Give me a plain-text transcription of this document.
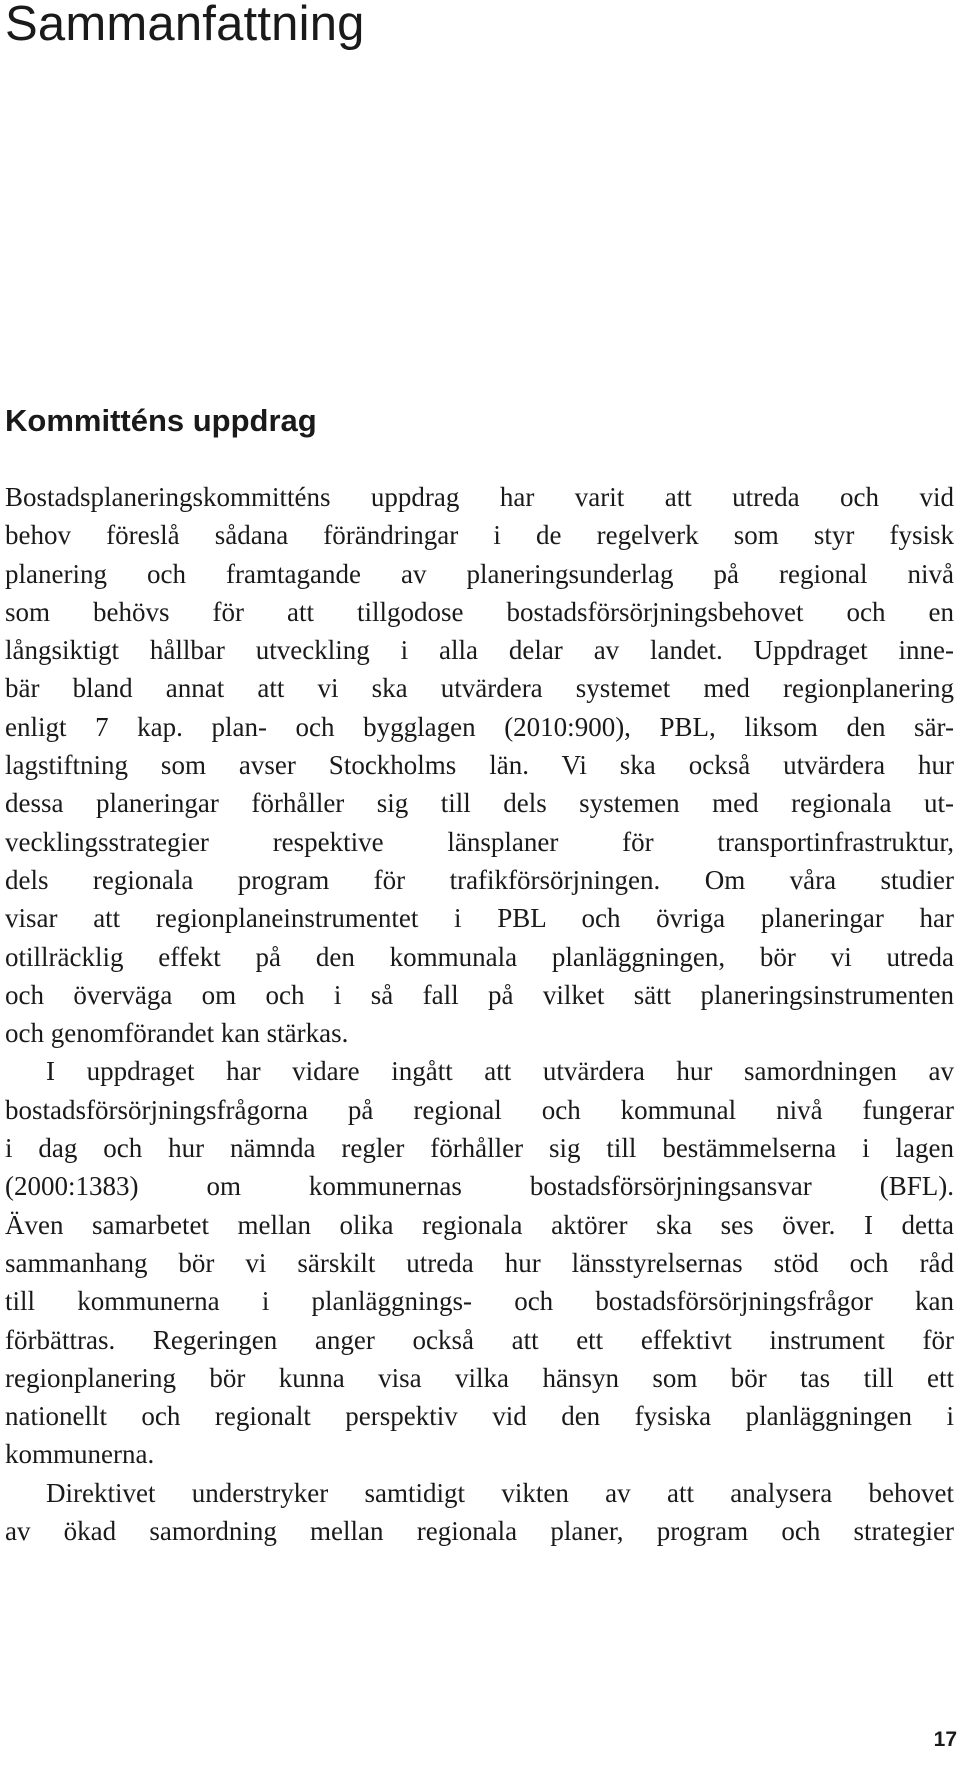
Sammanfattning
Kommitténs uppdrag
Bostadsplaneringskommitténs uppdrag har varit att utreda och vid
behov föreslå sådana förändringar i de regelverk som styr fysisk
planering och framtagande av planeringsunderlag på regional nivå
som behövs för att tillgodose bostadsförsörjningsbehovet och en
långsiktigt hållbar utveckling i alla delar av landet. Uppdraget inne-
bär bland annat att vi ska utvärdera systemet med regionplanering
enligt 7 kap. plan- och bygglagen (2010:900), PBL, liksom den sär-
lagstiftning som avser Stockholms län. Vi ska också utvärdera hur
dessa planeringar förhåller sig till dels systemen med regionala ut-
vecklingsstrategier respektive länsplaner för transportinfrastruktur,
dels regionala program för trafikförsörjningen. Om våra studier
visar att regionplaneinstrumentet i PBL och övriga planeringar har
otillräcklig effekt på den kommunala planläggningen, bör vi utreda
och överväga om och i så fall på vilket sätt planeringsinstrumenten
och genomförandet kan stärkas.
I uppdraget har vidare ingått att utvärdera hur samordningen av
bostadsförsörjningsfrågorna på regional och kommunal nivå fungerar
i dag och hur nämnda regler förhåller sig till bestämmelserna i lagen
(2000:1383) om kommunernas bostadsförsörjningsansvar (BFL).
Även samarbetet mellan olika regionala aktörer ska ses över. I detta
sammanhang bör vi särskilt utreda hur länsstyrelsernas stöd och råd
till kommunerna i planläggnings- och bostadsförsörjningsfrågor kan
förbättras. Regeringen anger också att ett effektivt instrument för
regionplanering bör kunna visa vilka hänsyn som bör tas till ett
nationellt och regionalt perspektiv vid den fysiska planläggningen i
kommunerna.
Direktivet understryker samtidigt vikten av att analysera behovet
av ökad samordning mellan regionala planer, program och strategier
17
